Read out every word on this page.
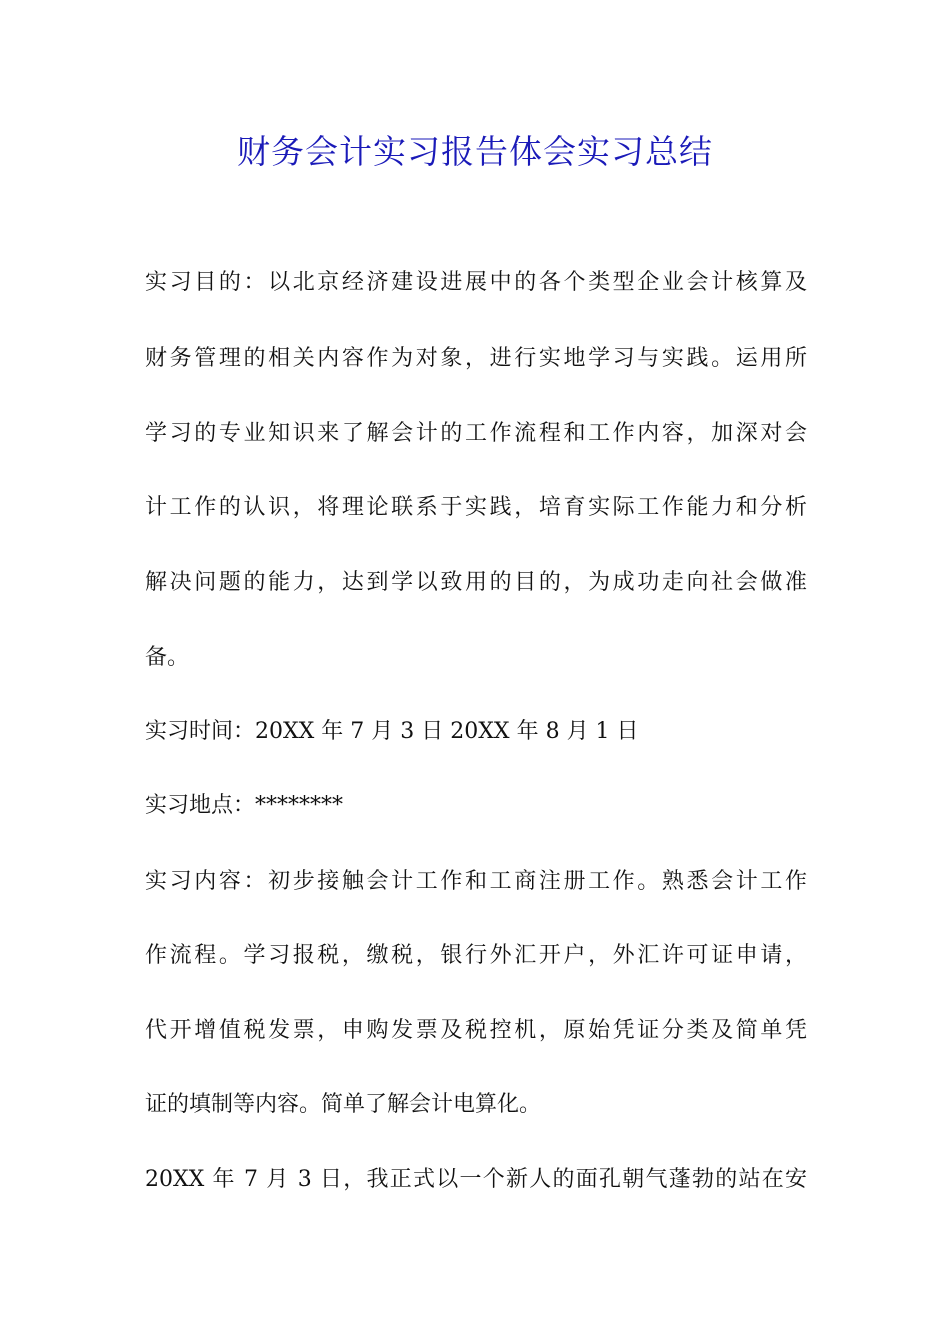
财务会计实习报告体会实习总结
实习目的：以北京经济建设进展中的各个类型企业会计核算及
财务管理的相关内容作为对象，进行实地学习与实践。运用所
学习的专业知识来了解会计的工作流程和工作内容，加深对会
计工作的认识，将理论联系于实践，培育实际工作能力和分析
解决问题的能力，达到学以致用的目的，为成功走向社会做准
备。
实习时间：20XX 年 7 月 3 日 20XX 年 8 月 1 日
实习地点：********
实习内容：初步接触会计工作和工商注册工作。熟悉会计工作
作流程。学习报税，缴税，银行外汇开户，外汇许可证申请，
代开增值税发票，申购发票及税控机，原始凭证分类及简单凭
证的填制等内容。简单了解会计电算化。
20XX 年 7 月 3 日，我正式以一个新人的面孔朝气蓬勃的站在安
